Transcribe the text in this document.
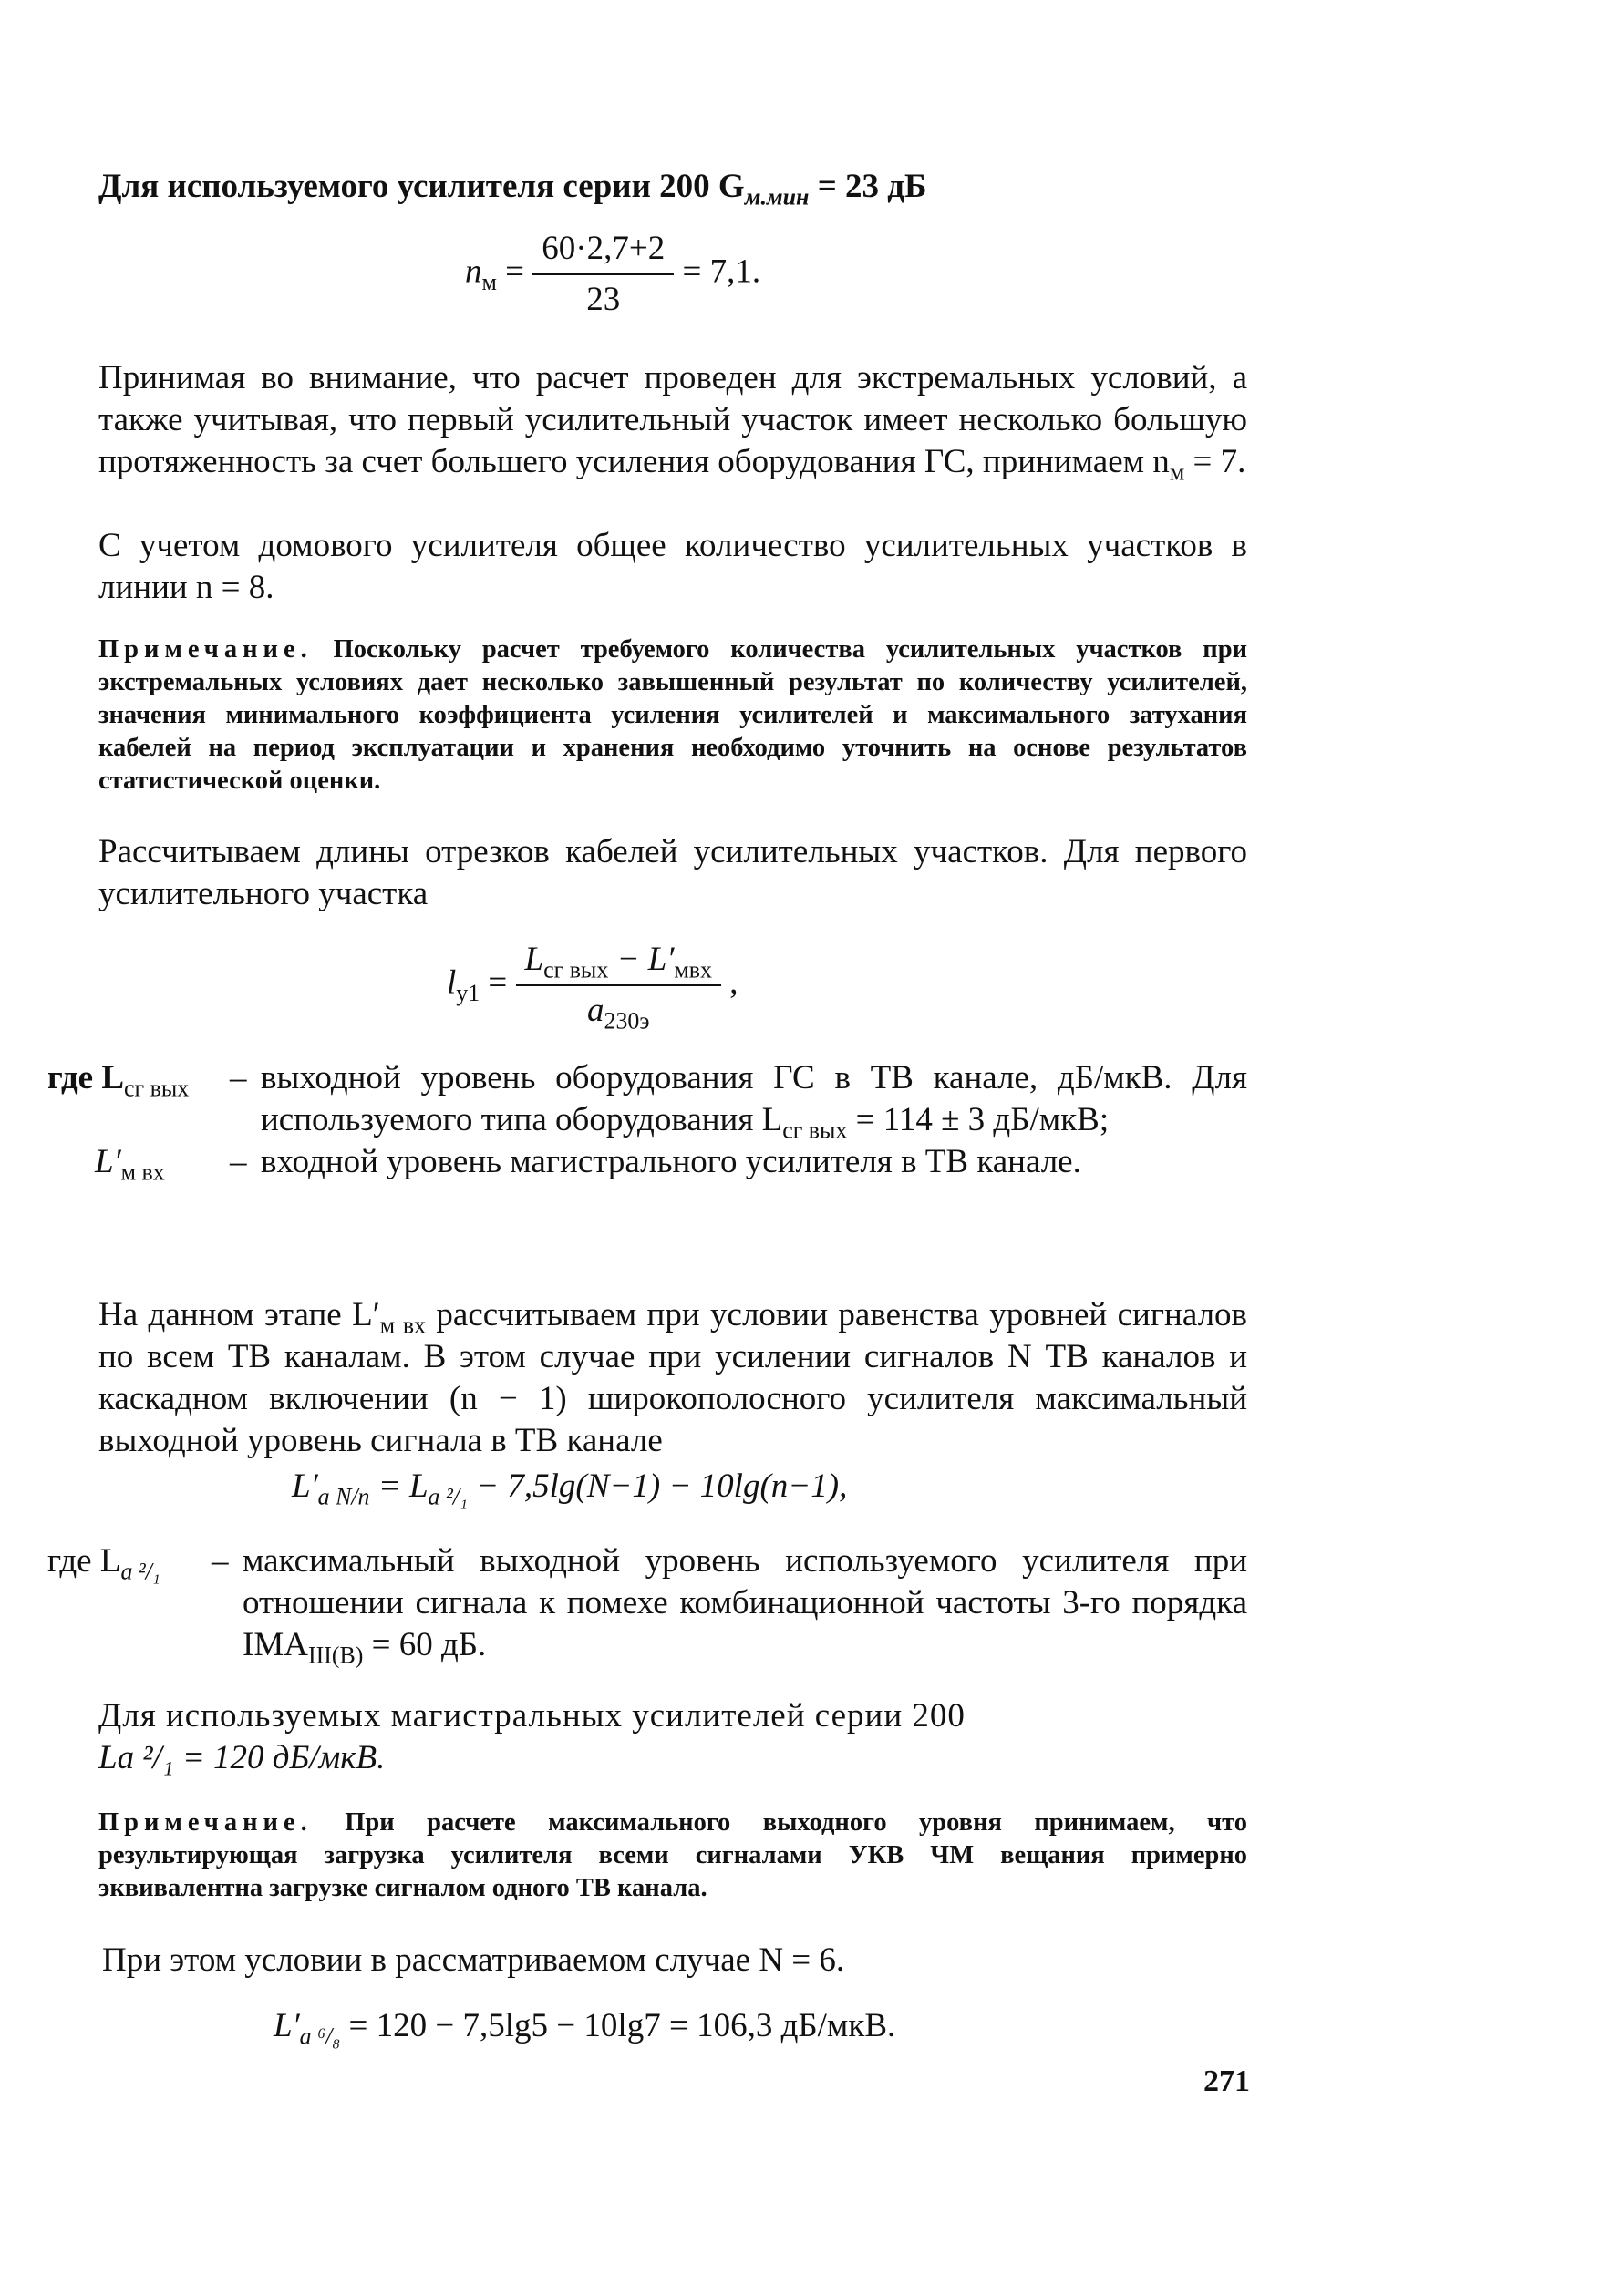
Для используемого усилителя серии 200 $G_{м.мин} = 23$ дБ
$n_м = \frac{60\cdot 2,7+2}{23} = 7,1$.
Принимая во внимание, что расчет проведен для экстремальных условий, а также учитывая, что первый усилительный участок имеет несколько большую протяженность за счет большего усиления оборудования ГС, принимаем $n_м = 7$.
С учетом домового усилителя общее количество усилительных участков в линии n = 8.
Примечание. Поскольку расчет требуемого количества усилительных участков при экстремальных условиях дает несколько завышенный результат по количеству усилителей, значения минимального коэффициента усиления усилителей и максимального затухания кабелей на период эксплуатации и хранения необходимо уточнить на основе результатов статистической оценки.
Рассчитываем длины отрезков кабелей усилительных участков. Для первого усилительного участка
$l_{у1} = \frac{L_{сг вых} - L'_{мвх}}{a_{230э}}$ ,
где $L_{сг вых}$	– выходной уровень оборудования ГС в ТВ канале, дБ/мкВ. Для используемого типа оборудования $L_{сг вых} = 114 \pm 3$ дБ/мкВ;
$L'_{м вх}$	– входной уровень магистрального усилителя в ТВ канале.
На данном этапе $L'_{м вх}$ рассчитываем при условии равенства уровней сигналов по всем ТВ каналам. В этом случае при усилении сигналов N ТВ каналов и каскадном включении (n − 1) широкополосного усилителя максимальный выходной уровень сигнала в ТВ канале
$L'_{a N/n} = L_{a ^2/_1} - 7,5\lg(N-1) - 10\lg(n-1)$,
где $L_{a ^2/_1}$	– максимальный выходной уровень используемого усилителя при отношении сигнала к помехе комбинационной частоты 3-го порядка $IMA_{III(B)} = 60$ дБ.
Для используемых магистральных усилителей серии 200
La ²/₁ = 120 дБ/мкВ.
Примечание. При расчете максимального выходного уровня принимаем, что результирующая загрузка усилителя всеми сигналами УКВ ЧМ вещания примерно эквивалентна загрузке сигналом одного ТВ канала.
При этом условии в рассматриваемом случае N = 6.
$L'_{a ^6/_8} = 120 - 7,5\lg 5 - 10\lg 7 = 106,3$ дБ/мкВ.
271
